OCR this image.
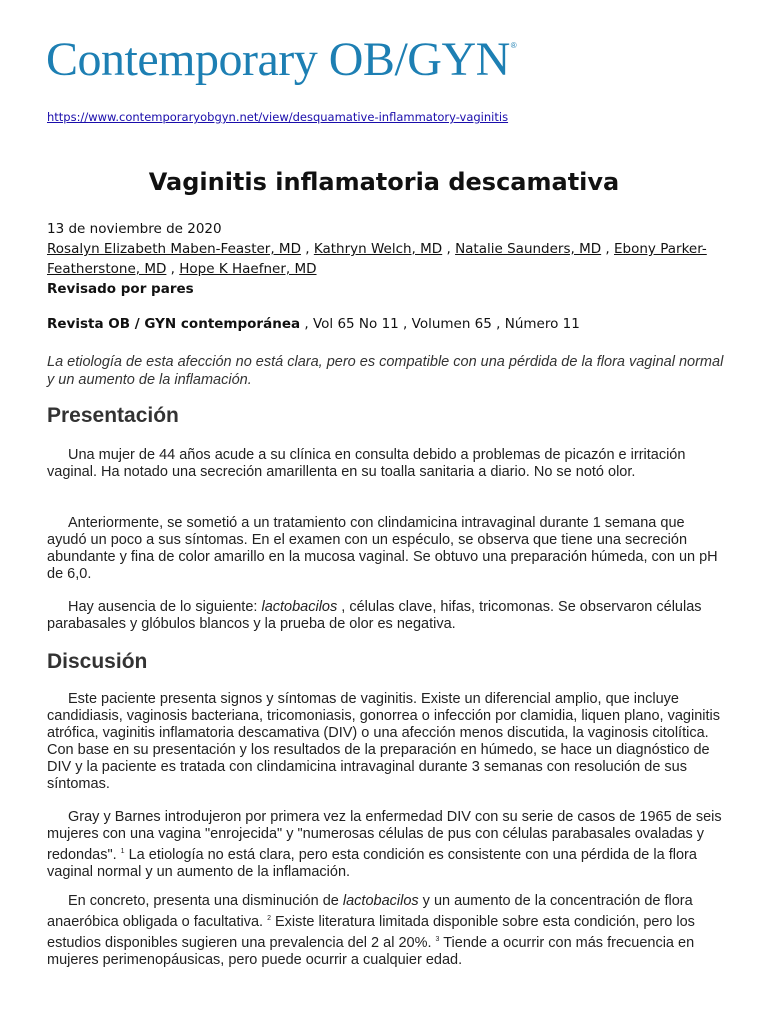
Contemporary OB/GYN®
https://www.contemporaryobgyn.net/view/desquamative-inflammatory-vaginitis
Vaginitis inflamatoria descamativa
13 de noviembre de 2020
Rosalyn Elizabeth Maben-Feaster, MD , Kathryn Welch, MD , Natalie Saunders, MD , Ebony Parker-
Featherstone, MD , Hope K Haefner, MD
Revisado por pares
Revista OB / GYN contemporánea , Vol 65 No 11 , Volumen 65 , Número 11

La etiología de esta afección no está clara, pero es compatible con una pérdida de la flora vaginal normal y un aumento de la inflamación.

Presentación

Una mujer de 44 años acude a su clínica en consulta debido a problemas de picazón e irritación vaginal. Ha notado una secreción amarillenta en su toalla sanitaria a diario. No se notó olor.

Anteriormente, se sometió a un tratamiento con clindamicina intravaginal durante 1 semana que ayudó un poco a sus síntomas. En el examen con un espéculo, se observa que tiene una secreción abundante y fina de color amarillo en la mucosa vaginal. Se obtuvo una preparación húmeda, con un pH de 6,0.

Hay ausencia de lo siguiente: lactobacilos , células clave, hifas, tricomonas. Se observaron células parabasales y glóbulos blancos y la prueba de olor es negativa.

Discusión

Este paciente presenta signos y síntomas de vaginitis. Existe un diferencial amplio, que incluye candidiasis, vaginosis bacteriana, tricomoniasis, gonorrea o infección por clamidia, liquen plano, vaginitis atrófica, vaginitis inflamatoria descamativa (DIV) o una afección menos discutida, la vaginosis citolítica. Con base en su presentación y los resultados de la preparación en húmedo, se hace un diagnóstico de DIV y la paciente es tratada con clindamicina intravaginal durante 3 semanas con resolución de sus síntomas.

Gray y Barnes introdujeron por primera vez la enfermedad DIV con su serie de casos de 1965 de seis mujeres con una vagina "enrojecida" y "numerosas células de pus con células parabasales ovaladas y redondas". $^1$ La etiología no está clara, pero esta condición es consistente con una pérdida de la flora vaginal normal y un aumento de la inflamación.

En concreto, presenta una disminución de lactobacilos y un aumento de la concentración de flora anaeróbica obligada o facultativa. $^2$ Existe literatura limitada disponible sobre esta condición, pero los estudios disponibles sugieren una prevalencia del 2 al 20%. $^3$ Tiende a ocurrir con más frecuencia en mujeres perimenopáusicas, pero puede ocurrir a cualquier edad.
